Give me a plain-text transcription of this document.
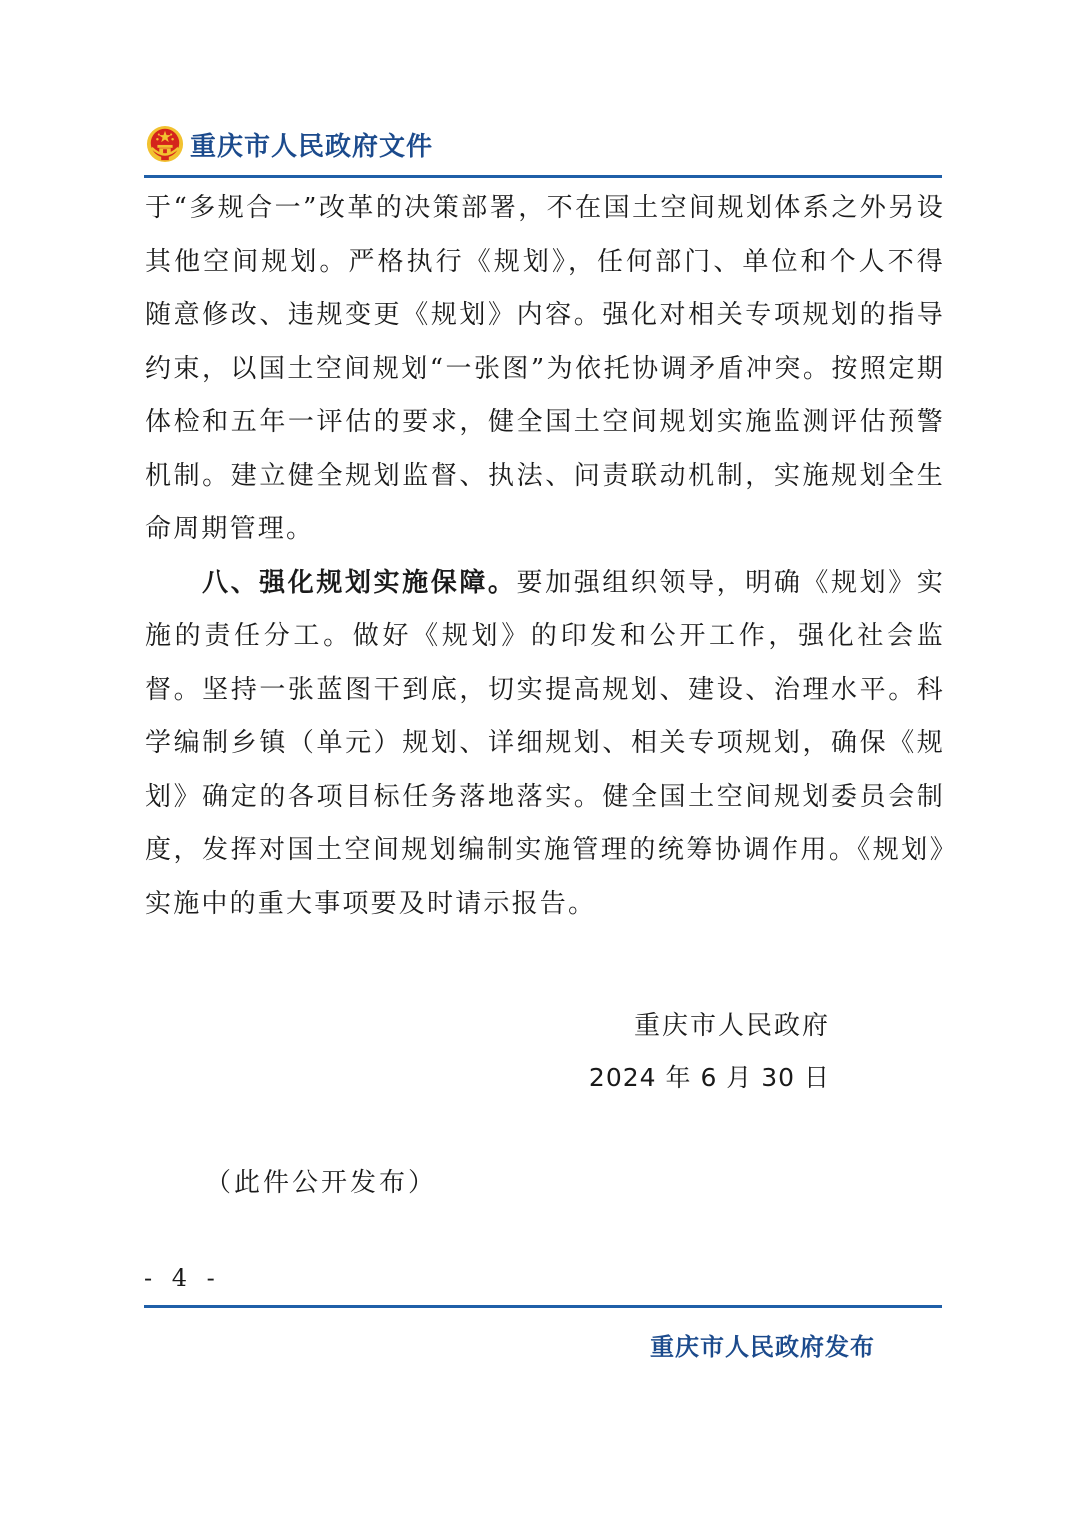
重庆市人民政府文件

于“多规合一”改革的决策部署，不在国土空间规划体系之外另设其他空间规划。严格执行《规划》，任何部门、单位和个人不得随意修改、违规变更《规划》内容。强化对相关专项规划的指导约束，以国土空间规划“一张图”为依托协调矛盾冲突。按照定期体检和五年一评估的要求，健全国土空间规划实施监测评估预警机制。建立健全规划监督、执法、问责联动机制，实施规划全生命周期管理。

八、强化规划实施保障。要加强组织领导，明确《规划》实施的责任分工。做好《规划》的印发和公开工作，强化社会监督。坚持一张蓝图干到底，切实提高规划、建设、治理水平。科学编制乡镇（单元）规划、详细规划、相关专项规划，确保《规划》确定的各项目标任务落地落实。健全国土空间规划委员会制度，发挥对国土空间规划编制实施管理的统筹协调作用。《规划》实施中的重大事项要及时请示报告。

重庆市人民政府
2024 年 6 月 30 日
（此件公开发布）
- 4 -
重庆市人民政府发布
